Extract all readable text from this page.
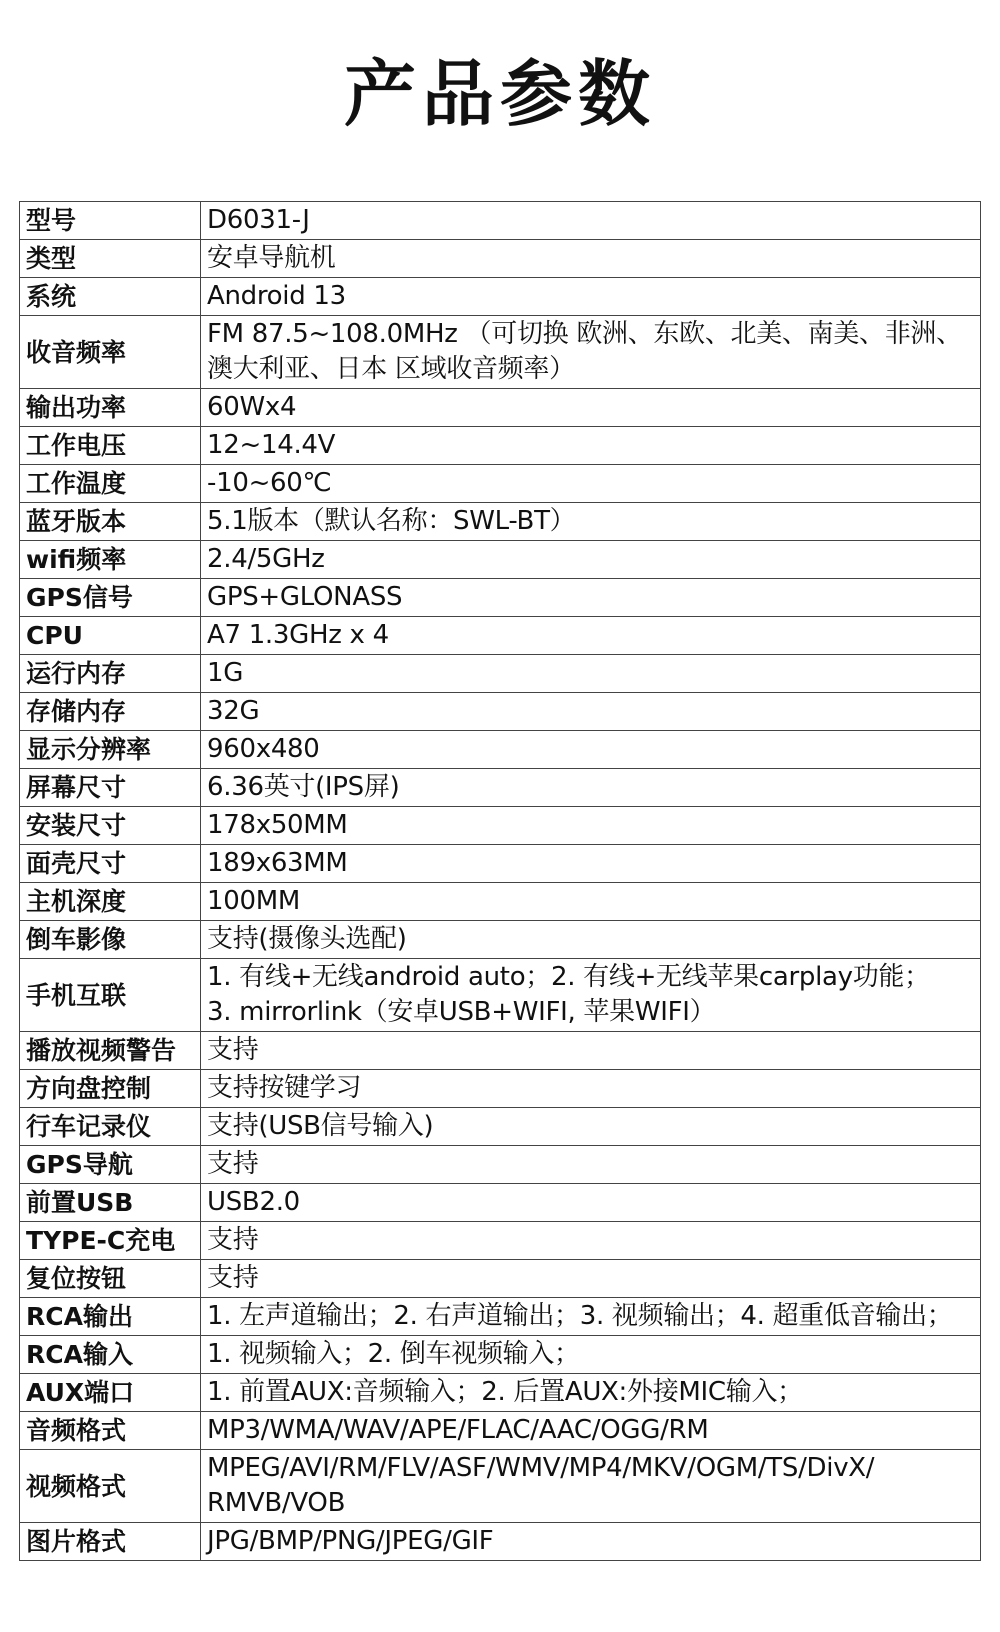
产品参数
型号	D6031-J
类型	安卓导航机
系统	Android 13
收音频率	FM 87.5~108.0MHz （可切换 欧洲、东欧、北美、南美、非洲、
澳大利亚、日本 区域收音频率）
输出功率	60Wx4
工作电压	12~14.4V
工作温度	-10~60℃
蓝牙版本	5.1版本（默认名称：SWL-BT）
wifi频率	2.4/5GHz
GPS信号	GPS+GLONASS
CPU	A7 1.3GHz x 4
运行内存	1G
存储内存	32G
显示分辨率	960x480
屏幕尺寸	6.36英寸(IPS屏)
安装尺寸	178x50MM
面壳尺寸	189x63MM
主机深度	100MM
倒车影像	支持(摄像头选配)
手机互联	1. 有线+无线android auto；2. 有线+无线苹果carplay功能；
3. mirrorlink（安卓USB+WIFI, 苹果WIFI）
播放视频警告	支持
方向盘控制	支持按键学习
行车记录仪	支持(USB信号输入)
GPS导航	支持
前置USB	USB2.0
TYPE-C充电	支持
复位按钮	支持
RCA输出	1. 左声道输出；2. 右声道输出；3. 视频输出；4. 超重低音输出；
RCA输入	1. 视频输入；2. 倒车视频输入；
AUX端口	1. 前置AUX:音频输入；2. 后置AUX:外接MIC输入；
音频格式	MP3/WMA/WAV/APE/FLAC/AAC/OGG/RM
视频格式	MPEG/AVI/RM/FLV/ASF/WMV/MP4/MKV/OGM/TS/DivX/
RMVB/VOB
图片格式	JPG/BMP/PNG/JPEG/GIF
